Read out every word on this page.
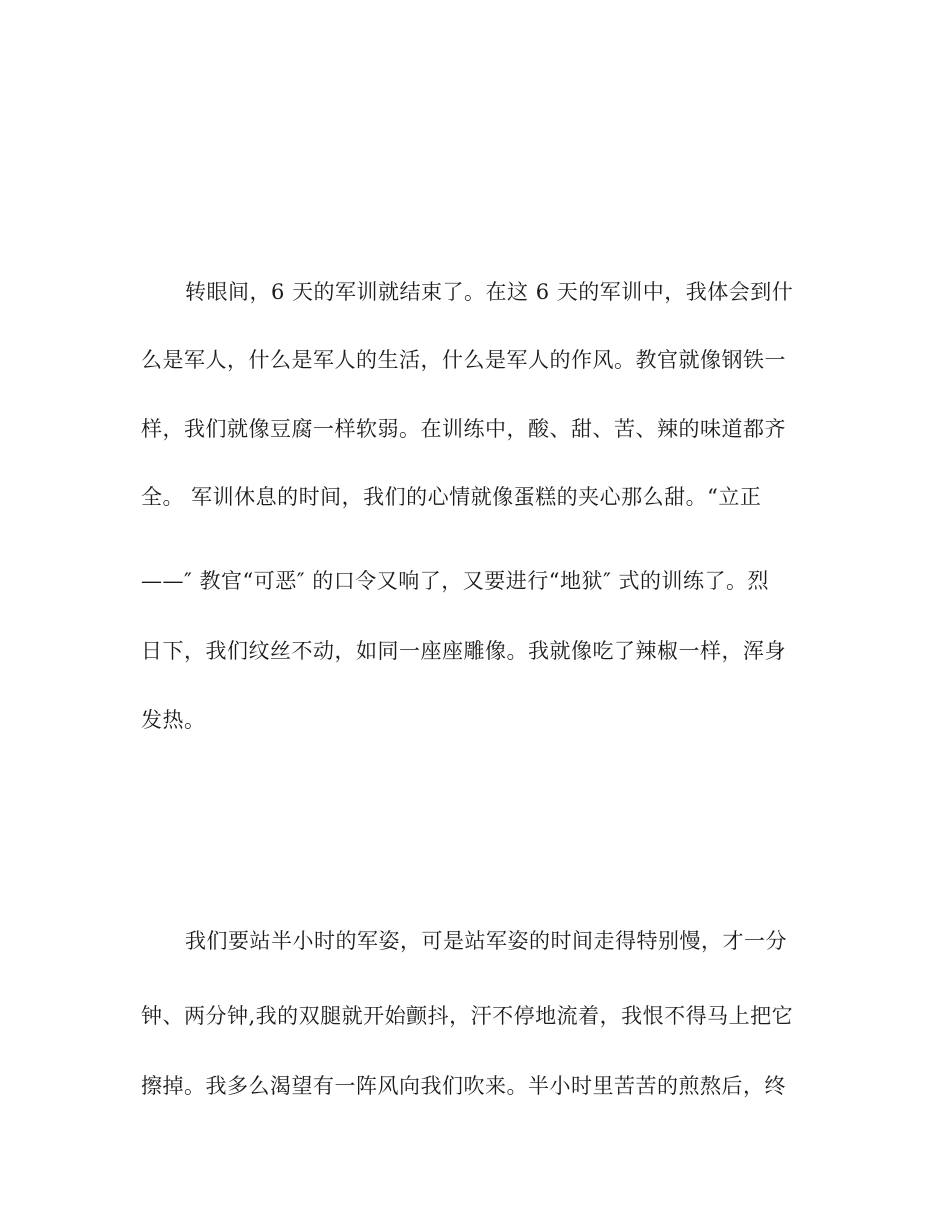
转眼间，6 天的军训就结束了。在这 6 天的军训中，我体会到什
么是军人，什么是军人的生活，什么是军人的作风。教官就像钢铁一
样，我们就像豆腐一样软弱。在训练中，酸、甜、苦、辣的味道都齐
全。 军训休息的时间，我们的心情就像蛋糕的夹心那么甜。“立正
——″ 教官“可恶″ 的口令又响了，又要进行“地狱″ 式的训练了。烈
日下，我们纹丝不动，如同一座座雕像。我就像吃了辣椒一样，浑身
发热。
我们要站半小时的军姿，可是站军姿的时间走得特别慢，才一分
钟、两分钟,我的双腿就开始颤抖，汗不停地流着，我恨不得马上把它
擦掉。我多么渴望有一阵风向我们吹来。半小时里苦苦的煎熬后，终
